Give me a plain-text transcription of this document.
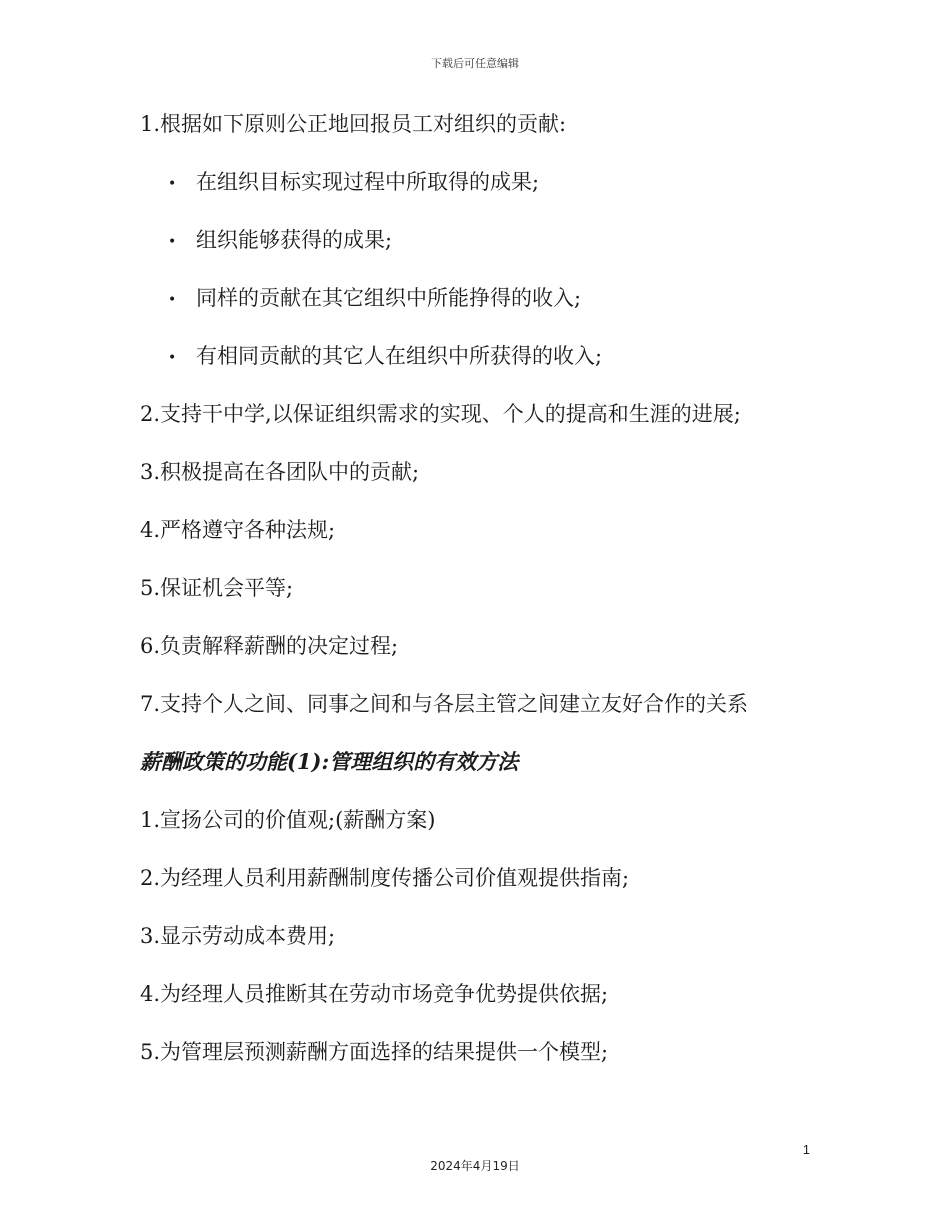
下载后可任意编辑
1.根据如下原则公正地回报员工对组织的贡献:
• 在组织目标实现过程中所取得的成果;
• 组织能够获得的成果;
• 同样的贡献在其它组织中所能挣得的收入;
• 有相同贡献的其它人在组织中所获得的收入;
2.支持干中学,以保证组织需求的实现、个人的提高和生涯的进展;
3.积极提高在各团队中的贡献;
4.严格遵守各种法规;
5.保证机会平等;
6.负责解释薪酬的决定过程;
7.支持个人之间、同事之间和与各层主管之间建立友好合作的关系
薪酬政策的功能(1):管理组织的有效方法
1.宣扬公司的价值观;(薪酬方案)
2.为经理人员利用薪酬制度传播公司价值观提供指南;
3.显示劳动成本费用;
4.为经理人员推断其在劳动市场竞争优势提供依据;
5.为管理层预测薪酬方面选择的结果提供一个模型;
1
2024年4月19日
